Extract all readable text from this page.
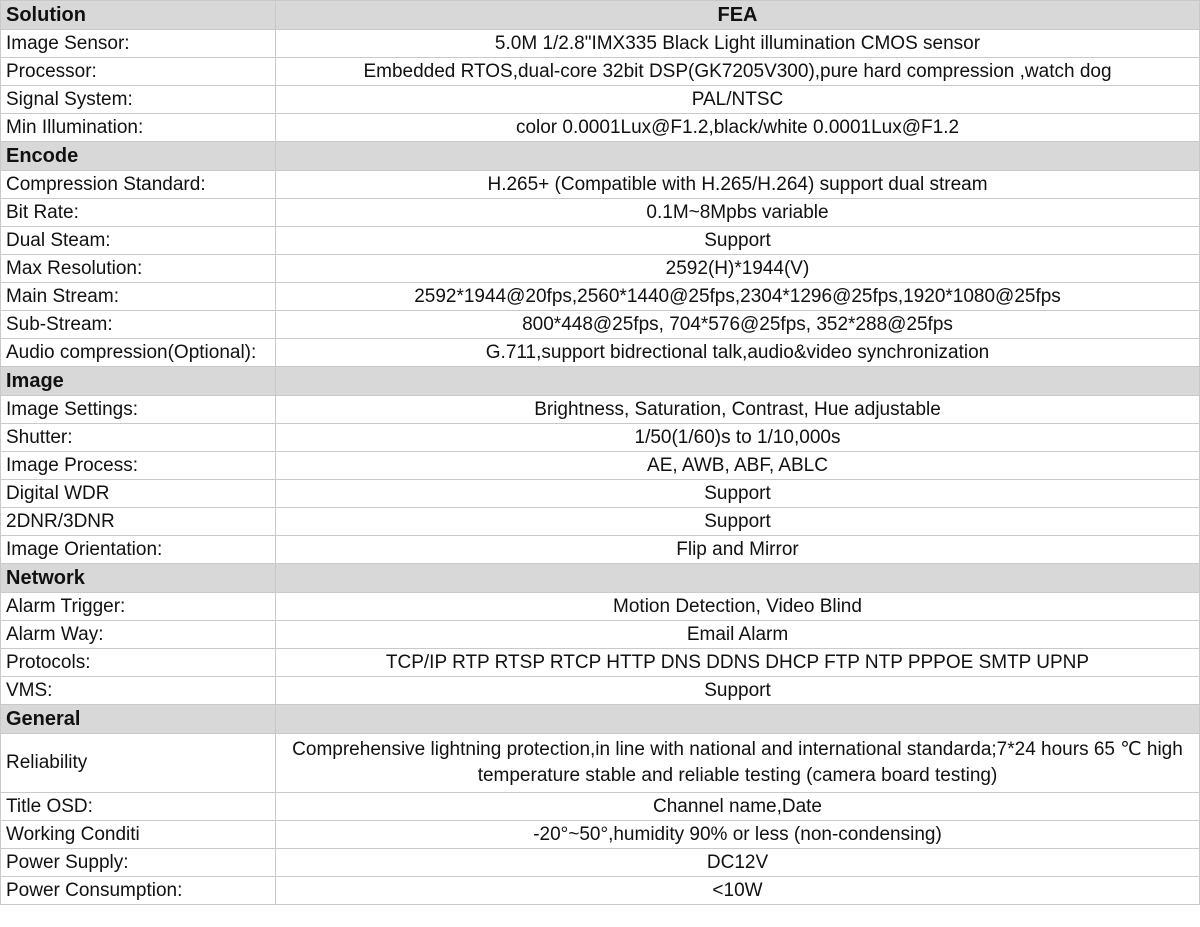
Solution	FEA
Image Sensor:	5.0M 1/2.8"IMX335 Black Light illumination CMOS sensor
Processor:	Embedded RTOS,dual-core 32bit DSP(GK7205V300),pure hard compression ,watch dog
Signal System:	PAL/NTSC
Min Illumination:	color 0.0001Lux@F1.2,black/white 0.0001Lux@F1.2
Encode	
Compression Standard:	H.265+ (Compatible with H.265/H.264) support dual stream
Bit Rate:	0.1M~8Mpbs variable
Dual Steam:	Support
Max Resolution:	2592(H)*1944(V)
Main Stream:	2592*1944@20fps,2560*1440@25fps,2304*1296@25fps,1920*1080@25fps
Sub-Stream:	800*448@25fps, 704*576@25fps, 352*288@25fps
Audio compression(Optional):	G.711,support bidrectional talk,audio&video synchronization
Image	
Image Settings:	Brightness, Saturation, Contrast, Hue adjustable
Shutter:	1/50(1/60)s to 1/10,000s
Image Process:	AE, AWB, ABF, ABLC
Digital WDR	Support
2DNR/3DNR	Support
Image Orientation:	Flip and Mirror
Network	
Alarm Trigger:	Motion Detection, Video Blind
Alarm Way:	Email Alarm
Protocols:	TCP/IP RTP RTSP RTCP HTTP DNS DDNS DHCP FTP NTP PPPOE SMTP UPNP
VMS:	Support
General	
Reliability	Comprehensive lightning protection,in line with national and international standarda;7*24 hours 65 ℃ high temperature stable and reliable testing (camera board testing)
Title OSD:	Channel name,Date
Working Conditi	-20°~50°,humidity 90% or less (non-condensing)
Power Supply:	DC12V
Power Consumption:	<10W
